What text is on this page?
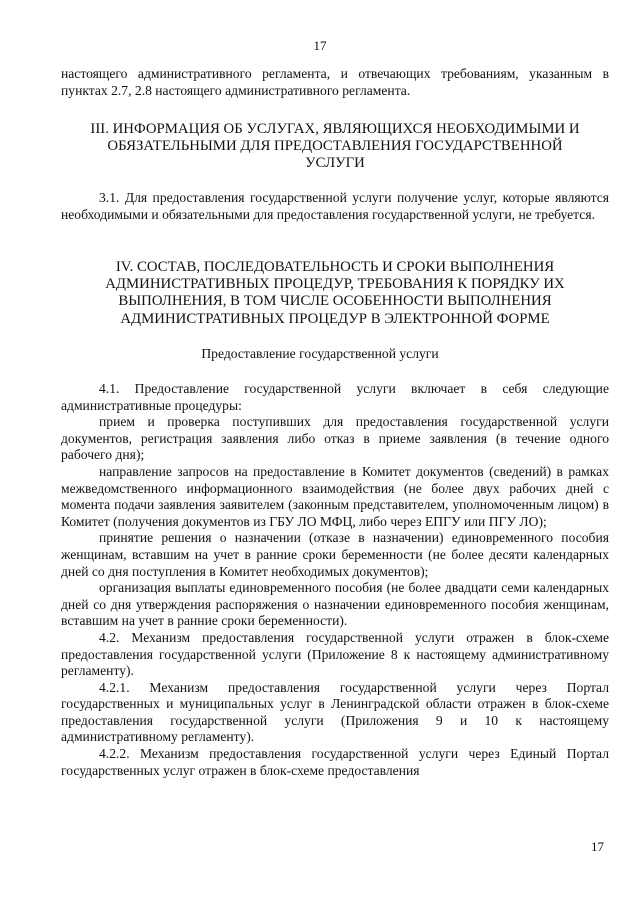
17

настоящего административного регламента, и отвечающих требованиям, указанным в пунктах 2.7, 2.8 настоящего административного регламента.

III. ИНФОРМАЦИЯ ОБ УСЛУГАХ, ЯВЛЯЮЩИХСЯ НЕОБХОДИМЫМИ И ОБЯЗАТЕЛЬНЫМИ ДЛЯ ПРЕДОСТАВЛЕНИЯ ГОСУДАРСТВЕННОЙ УСЛУГИ

3.1. Для предоставления государственной услуги получение услуг, которые являются необходимыми и обязательными для предоставления государственной услуги, не требуется.

IV. СОСТАВ, ПОСЛЕДОВАТЕЛЬНОСТЬ И СРОКИ ВЫПОЛНЕНИЯ АДМИНИСТРАТИВНЫХ ПРОЦЕДУР, ТРЕБОВАНИЯ К ПОРЯДКУ ИХ ВЫПОЛНЕНИЯ, В ТОМ ЧИСЛЕ ОСОБЕННОСТИ ВЫПОЛНЕНИЯ АДМИНИСТРАТИВНЫХ ПРОЦЕДУР В ЭЛЕКТРОННОЙ ФОРМЕ
Предоставление государственной услуги

4.1. Предоставление государственной услуги включает в себя следующие административные процедуры:

прием и проверка поступивших для предоставления государственной услуги документов, регистрация заявления либо отказ в приеме заявления (в течение одного рабочего дня);

направление запросов на предоставление в Комитет документов (сведений) в рамках межведомственного информационного взаимодействия (не более двух рабочих дней с момента подачи заявления заявителем (законным представителем, уполномоченным лицом) в Комитет (получения документов из ГБУ ЛО МФЦ, либо через ЕПГУ или ПГУ ЛО);

принятие решения о назначении (отказе в назначении) единовременного пособия женщинам, вставшим на учет в ранние сроки беременности (не более десяти календарных дней со дня поступления в Комитет необходимых документов);

организация выплаты единовременного пособия (не более двадцати семи календарных дней со дня утверждения распоряжения о назначении единовременного пособия женщинам, вставшим на учет в ранние сроки беременности).

4.2. Механизм предоставления государственной услуги отражен в блок-схеме предоставления государственной услуги (Приложение 8 к настоящему административному регламенту).

4.2.1. Механизм предоставления государственной услуги через Портал государственных и муниципальных услуг в Ленинградской области отражен в блок-схеме предоставления государственной услуги (Приложения 9 и 10 к настоящему административному регламенту).

4.2.2. Механизм предоставления государственной услуги через Единый Портал государственных услуг отражен в блок-схеме предоставления

17
